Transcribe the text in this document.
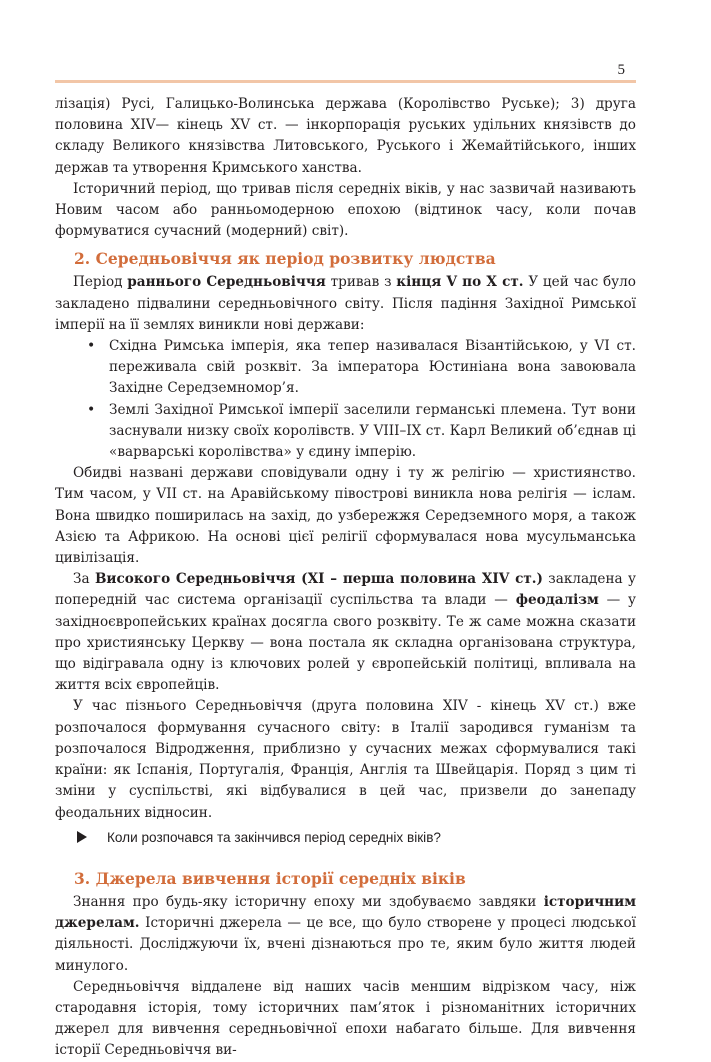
5

лізація) Русі, Галицько-Волинська держава (Королівство Руське); 3) друга половина XIV— кінець XV ст. — інкорпорація руських удільних князівств до складу Великого князівства Литовського, Руського і Жемайтійського, інших держав та утворення Кримського ханства.

Історичний період, що тривав після середніх віків, у нас зазвичай називають Новим часом або ранньомодерною епохою (відтинок часу, коли почав формуватися сучасний (модерний) світ).

2. Середньовіччя як період розвитку людства

Період раннього Середньовіччя тривав з кінця V по X ст. У цей час було закладено підвалини середньовічного світу. Після падіння Західної Римської імперії на її землях виникли нові держави:

• Східна Римська імперія, яка тепер називалася Візантійською, у VI ст. переживала свій розквіт. За імператора Юстиніана вона завоювала Західне Середземномор’я.
• Землі Західної Римської імперії заселили германські племена. Тут вони заснували низку своїх королівств. У VIII–IX ст. Карл Великий об’єднав ці «варварські королівства» у єдину імперію.

Обидві названі держави сповідували одну і ту ж релігію — християнство. Тим часом, у VII ст. на Аравійському півострові виникла нова релігія — іслам. Вона швидко поширилась на захід, до узбережжя Середземного моря, а також Азією та Африкою. На основі цієї релігії сформувалася нова мусульманська цивілізація.

За Високого Середньовіччя (XI – перша половина XIV ст.) закладена у попередній час система організації суспільства та влади — феодалізм — у західноєвропейських країнах досягла свого розквіту. Те ж саме можна сказати про християнську Церкву — вона постала як складна організована структура, що відігравала одну із ключових ролей у європейській політиці, впливала на життя всіх європейців.

У час пізнього Середньовіччя (друга половина XIV - кінець XV ст.) вже розпочалося формування сучасного світу: в Італії зародився гуманізм та розпочалося Відродження, приблизно у сучасних межах сформувалися такі країни: як Іспанія, Португалія, Франція, Англія та Швейцарія. Поряд з цим ті зміни у суспільстві, які відбувалися в цей час, призвели до занепаду феодальних відносин.

Коли розпочався та закінчився період середніх віків?
3. Джерела вивчення історії середніх віків

Знання про будь-яку історичну епоху ми здобуваємо завдяки історичним джерелам. Історичні джерела — це все, що було створене у процесі людської діяльності. Досліджуючи їх, вчені дізнаються про те, яким було життя людей минулого.

Середньовіччя віддалене від наших часів меншим відрізком часу, ніж стародавня історія, тому історичних пам’яток і різноманітних історичних джерел для вивчення середньовічної епохи набагато більше. Для вивчення історії Середньовіччя ви-
